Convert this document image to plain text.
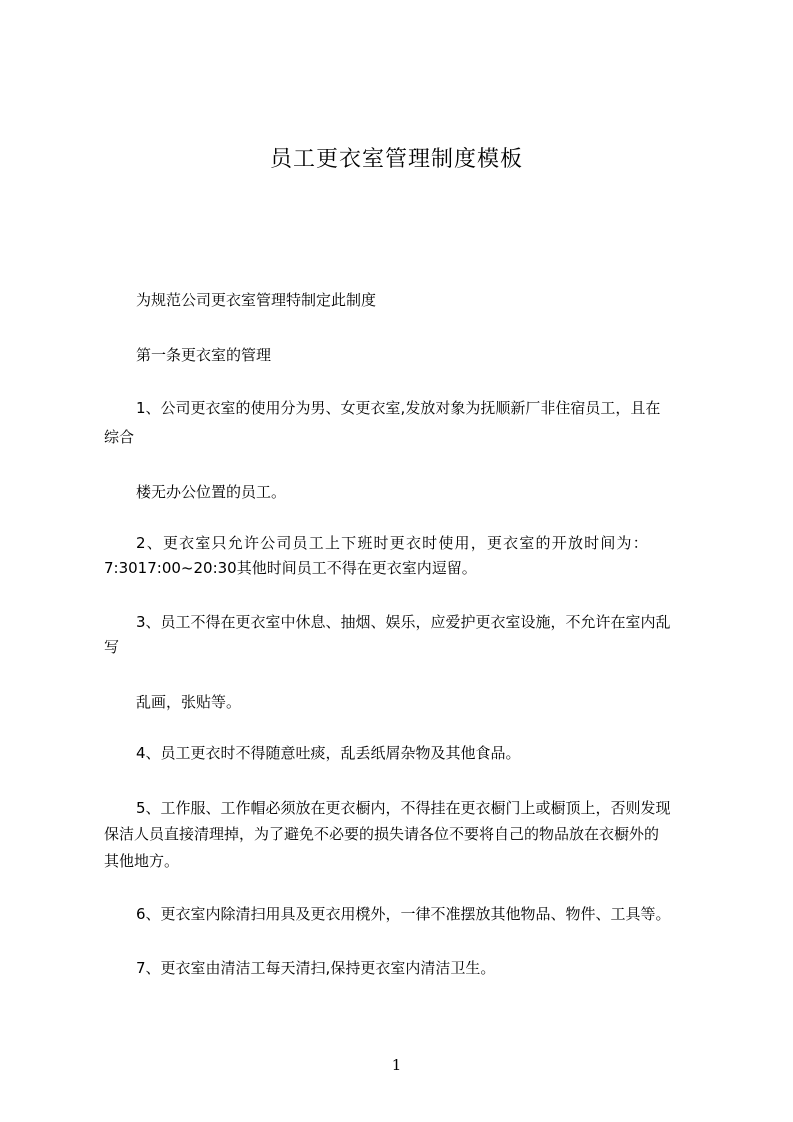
员工更衣室管理制度模板
为规范公司更衣室管理特制定此制度
第一条更衣室的管理
1、公司更衣室的使用分为男、女更衣室,发放对象为抚顺新厂非住宿员工，且在
综合
楼无办公位置的员工。
2、更衣室只允许公司员工上下班时更衣时使用，更衣室的开放时间为：
7:3017:00~20:30其他时间员工不得在更衣室内逗留。
3、员工不得在更衣室中休息、抽烟、娱乐，应爱护更衣室设施，不允许在室内乱
写
乱画，张贴等。
4、员工更衣时不得随意吐痰，乱丢纸屑杂物及其他食品。
5、工作服、工作帽必须放在更衣橱内，不得挂在更衣橱门上或橱顶上，否则发现
保洁人员直接清理掉，为了避免不必要的损失请各位不要将自己的物品放在衣橱外的
其他地方。
6、更衣室内除清扫用具及更衣用櫈外，一律不准摆放其他物品、物件、工具等。
7、更衣室由清洁工每天清扫,保持更衣室内清洁卫生。
1
